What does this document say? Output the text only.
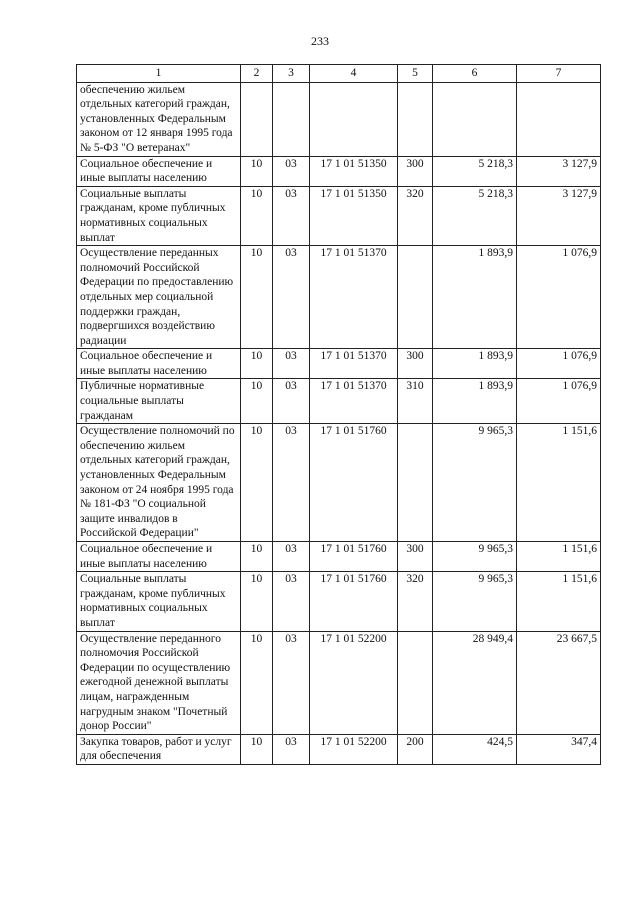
233
1	2	3	4	5	6	7
обеспечению жильем отдельных категорий граждан, установленных Федеральным законом от 12 января 1995 года № 5-ФЗ "О ветеранах"						
Социальное обеспечение и иные выплаты населению	10	03	17 1 01 51350	300	5 218,3	3 127,9
Социальные выплаты гражданам, кроме публичных нормативных социальных выплат	10	03	17 1 01 51350	320	5 218,3	3 127,9
Осуществление переданных полномочий Российской Федерации по предоставлению отдельных мер социальной поддержки граждан, подвергшихся воздействию радиации	10	03	17 1 01 51370		1 893,9	1 076,9
Социальное обеспечение и иные выплаты населению	10	03	17 1 01 51370	300	1 893,9	1 076,9
Публичные нормативные социальные выплаты гражданам	10	03	17 1 01 51370	310	1 893,9	1 076,9
Осуществление полномочий по обеспечению жильем отдельных категорий граждан, установленных Федеральным законом от 24 ноября 1995 года № 181-ФЗ "О социальной защите инвалидов в Российской Федерации"	10	03	17 1 01 51760		9 965,3	1 151,6
Социальное обеспечение и иные выплаты населению	10	03	17 1 01 51760	300	9 965,3	1 151,6
Социальные выплаты гражданам, кроме публичных нормативных социальных выплат	10	03	17 1 01 51760	320	9 965,3	1 151,6
Осуществление переданного полномочия Российской Федерации по осуществлению ежегодной денежной выплаты лицам, награжденным нагрудным знаком "Почетный донор России"	10	03	17 1 01 52200		28 949,4	23 667,5
Закупка товаров, работ и услуг для обеспечения	10	03	17 1 01 52200	200	424,5	347,4
